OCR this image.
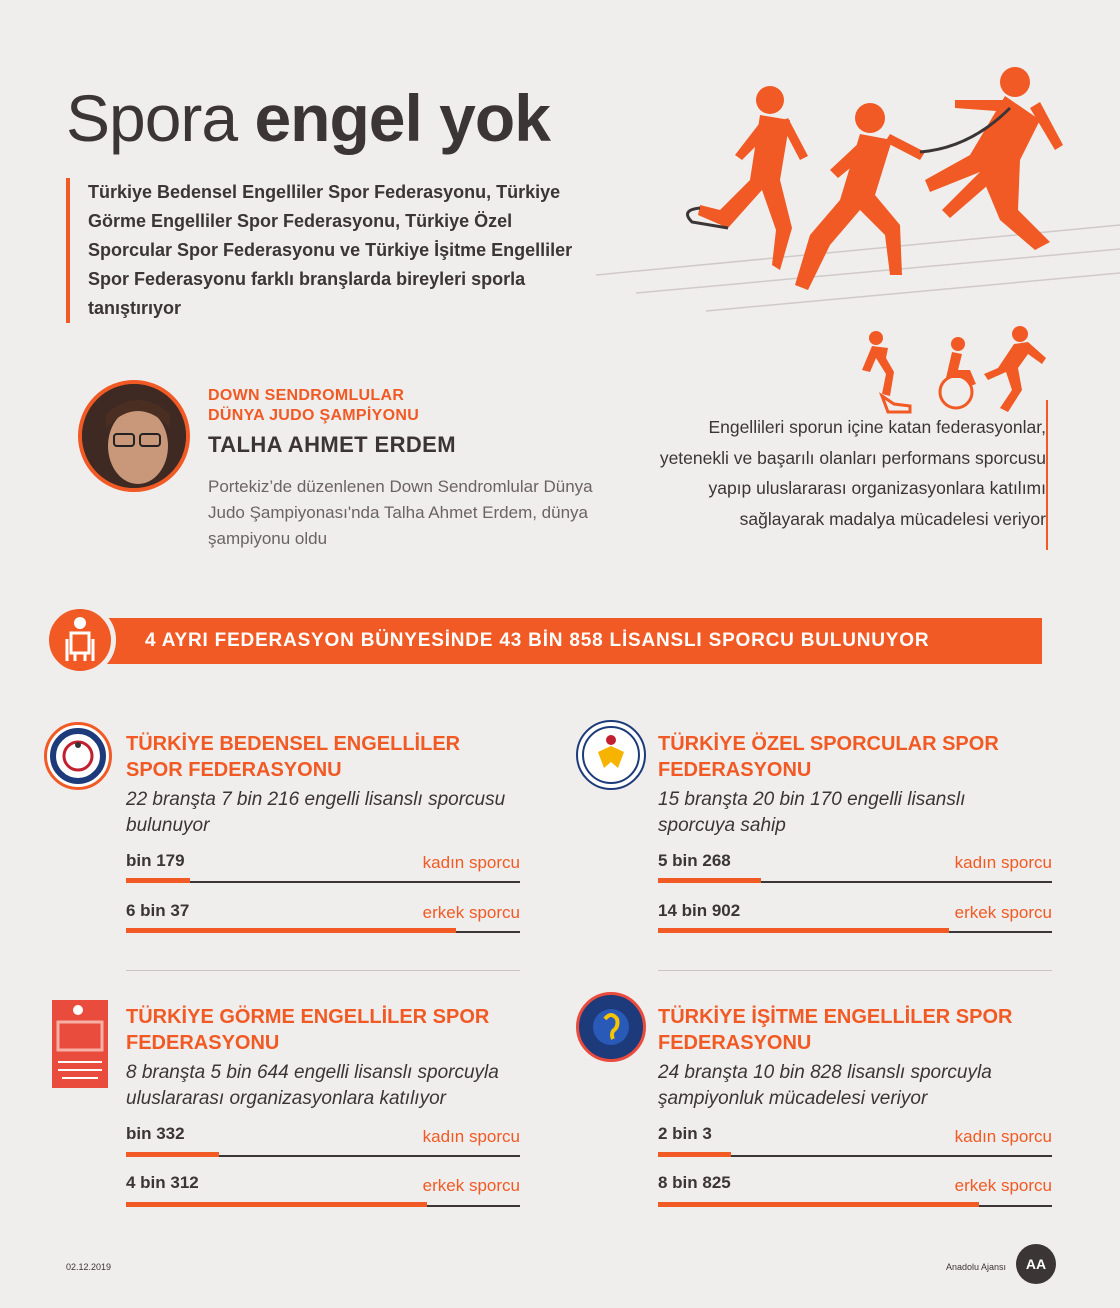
Spora engel yok
Türkiye Bedensel Engelliler Spor Federasyonu, Türkiye Görme Engelliler Spor Federasyonu, Türkiye Özel Sporcular Spor Federasyonu ve Türkiye İşitme Engelliler Spor Federasyonu farklı branşlarda bireyleri sporla tanıştırıyor
DOWN SENDROMLULAR
DÜNYA JUDO ŞAMPİYONU
TALHA AHMET ERDEM
Portekiz’de düzenlenen Down Sendromlular Dünya Judo Şampiyonası'nda Talha Ahmet Erdem, dünya şampiyonu oldu
Engellileri sporun içine katan federasyonlar, yetenekli ve başarılı olanları performans sporcusu yapıp uluslararası organizasyonlara katılımı sağlayarak madalya mücadelesi veriyor
4 AYRI FEDERASYON BÜNYESİNDE 43 BİN 858 LİSANSLI SPORCU BULUNUYOR
TÜRKİYE BEDENSEL ENGELLİLER SPOR FEDERASYONU
22 branşta 7 bin 216 engelli lisanslı sporcusu bulunuyor
bin 179	kadın sporcu
6 bin 37	erkek sporcu
TÜRKİYE ÖZEL SPORCULAR SPOR FEDERASYONU
15 branşta 20 bin 170 engelli lisanslı sporcuya sahip
5 bin 268	kadın sporcu
14 bin 902	erkek sporcu
TÜRKİYE GÖRME ENGELLİLER SPOR FEDERASYONU
8 branşta 5 bin 644 engelli lisanslı sporcuyla uluslararası organizasyonlara katılıyor
bin 332	kadın sporcu
4 bin 312	erkek sporcu
TÜRKİYE İŞİTME ENGELLİLER SPOR FEDERASYONU
24 branşta 10 bin 828 lisanslı sporcuyla şampiyonluk mücadelesi veriyor
2 bin 3	kadın sporcu
8 bin 825	erkek sporcu
02.12.2019	Anadolu Ajansı	AA
